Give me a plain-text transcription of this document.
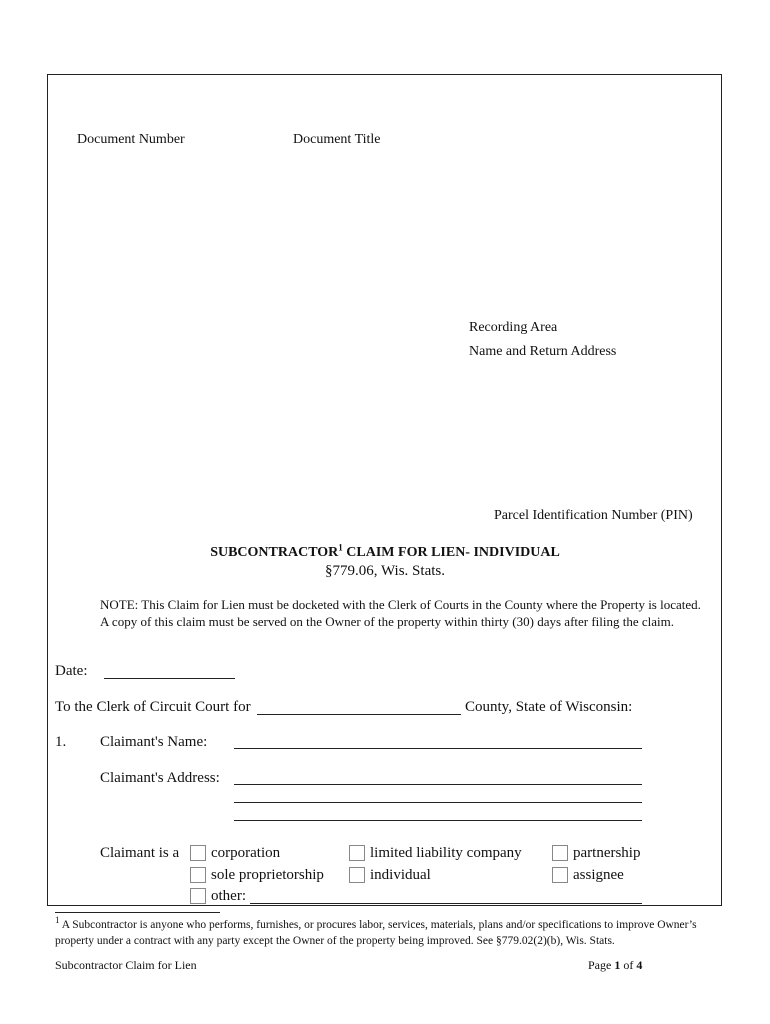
Document Number	Document Title
Recording Area
Name and Return Address
Parcel Identification Number (PIN)
SUBCONTRACTOR$^1$ CLAIM FOR LIEN- INDIVIDUAL
§779.06, Wis. Stats.
NOTE: This Claim for Lien must be docketed with the Clerk of Courts in the County where the Property is located. A copy of this claim must be served on the Owner of the property within thirty (30) days after filing the claim.
Date:
To the Clerk of Circuit Court for	County, State of Wisconsin:
1. Claimant's Name:
Claimant's Address:
Claimant is a corporation	limited liability company	partnership
sole proprietorship	individual	assignee
other:
$^1$ A Subcontractor is anyone who performs, furnishes, or procures labor, services, materials, plans and/or specifications to improve Owner’s property under a contract with any party except the Owner of the property being improved. See §779.02(2)(b), Wis. Stats.
Subcontractor Claim for Lien	Page 1 of 4
